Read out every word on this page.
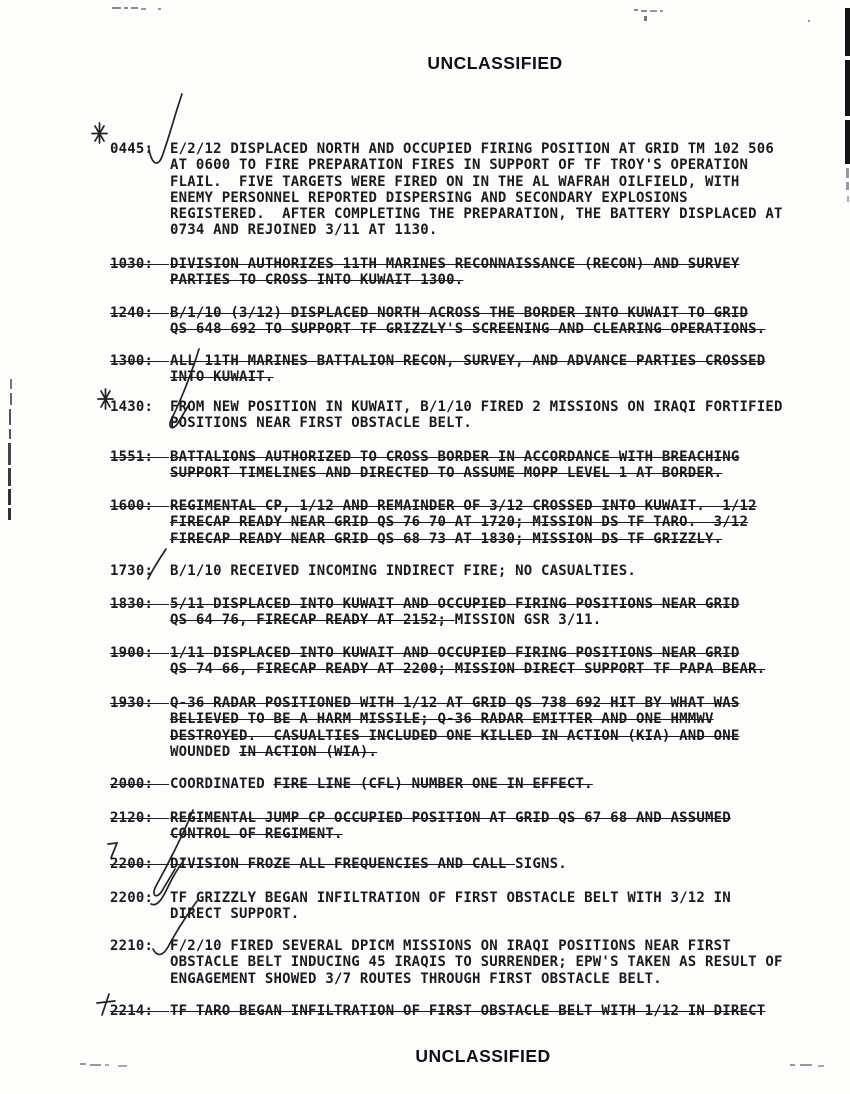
UNCLASSIFIED
0445: E/2/12 DISPLACED NORTH AND OCCUPIED FIRING POSITION AT GRID TM 102 506
AT 0600 TO FIRE PREPARATION FIRES IN SUPPORT OF TF TROY'S OPERATION
FLAIL.  FIVE TARGETS WERE FIRED ON IN THE AL WAFRAH OILFIELD, WITH
ENEMY PERSONNEL REPORTED DISPERSING AND SECONDARY EXPLOSIONS
REGISTERED.  AFTER COMPLETING THE PREPARATION, THE BATTERY DISPLACED AT
0734 AND REJOINED 3/11 AT 1130.
1030: DIVISION AUTHORIZES 11TH MARINES RECONNAISSANCE (RECON) AND SURVEY
PARTIES TO CROSS INTO KUWAIT 1300.
1240: B/1/10 (3/12) DISPLACED NORTH ACROSS THE BORDER INTO KUWAIT TO GRID
QS 648 692 TO SUPPORT TF GRIZZLY'S SCREENING AND CLEARING OPERATIONS.
1300: ALL 11TH MARINES BATTALION RECON, SURVEY, AND ADVANCE PARTIES CROSSED
INTO KUWAIT.
1430: FROM NEW POSITION IN KUWAIT, B/1/10 FIRED 2 MISSIONS ON IRAQI FORTIFIED
POSITIONS NEAR FIRST OBSTACLE BELT.
1551: BATTALIONS AUTHORIZED TO CROSS BORDER IN ACCORDANCE WITH BREACHING
SUPPORT TIMELINES AND DIRECTED TO ASSUME MOPP LEVEL 1 AT BORDER.
1600: REGIMENTAL CP, 1/12 AND REMAINDER OF 3/12 CROSSED INTO KUWAIT.  1/12
FIRECAP READY NEAR GRID QS 76 70 AT 1720; MISSION DS TF TARO.  3/12
FIRECAP READY NEAR GRID QS 68 73 AT 1830; MISSION DS TF GRIZZLY.
1730: B/1/10 RECEIVED INCOMING INDIRECT FIRE; NO CASUALTIES.
1830: 5/11 DISPLACED INTO KUWAIT AND OCCUPIED FIRING POSITIONS NEAR GRID
QS 64 76, FIRECAP READY AT 2152; MISSION GSR 3/11.
1900: 1/11 DISPLACED INTO KUWAIT AND OCCUPIED FIRING POSITIONS NEAR GRID
QS 74 66, FIRECAP READY AT 2200; MISSION DIRECT SUPPORT TF PAPA BEAR.
1930: Q-36 RADAR POSITIONED WITH 1/12 AT GRID QS 738 692 HIT BY WHAT WAS
BELIEVED TO BE A HARM MISSILE; Q-36 RADAR EMITTER AND ONE HMMWV
DESTROYED.  CASUALTIES INCLUDED ONE KILLED IN ACTION (KIA) AND ONE
WOUNDED IN ACTION (WIA).
2000: COORDINATED FIRE LINE (CFL) NUMBER ONE IN EFFECT.
2120: REGIMENTAL JUMP CP OCCUPIED POSITION AT GRID QS 67 68 AND ASSUMED
CONTROL OF REGIMENT.
2200: DIVISION FROZE ALL FREQUENCIES AND CALL SIGNS.
2200: TF GRIZZLY BEGAN INFILTRATION OF FIRST OBSTACLE BELT WITH 3/12 IN
DIRECT SUPPORT.
2210: F/2/10 FIRED SEVERAL DPICM MISSIONS ON IRAQI POSITIONS NEAR FIRST
OBSTACLE BELT INDUCING 45 IRAQIS TO SURRENDER; EPW'S TAKEN AS RESULT OF
ENGAGEMENT SHOWED 3/7 ROUTES THROUGH FIRST OBSTACLE BELT.
2214: TF TARO BEGAN INFILTRATION OF FIRST OBSTACLE BELT WITH 1/12 IN DIRECT
UNCLASSIFIED
